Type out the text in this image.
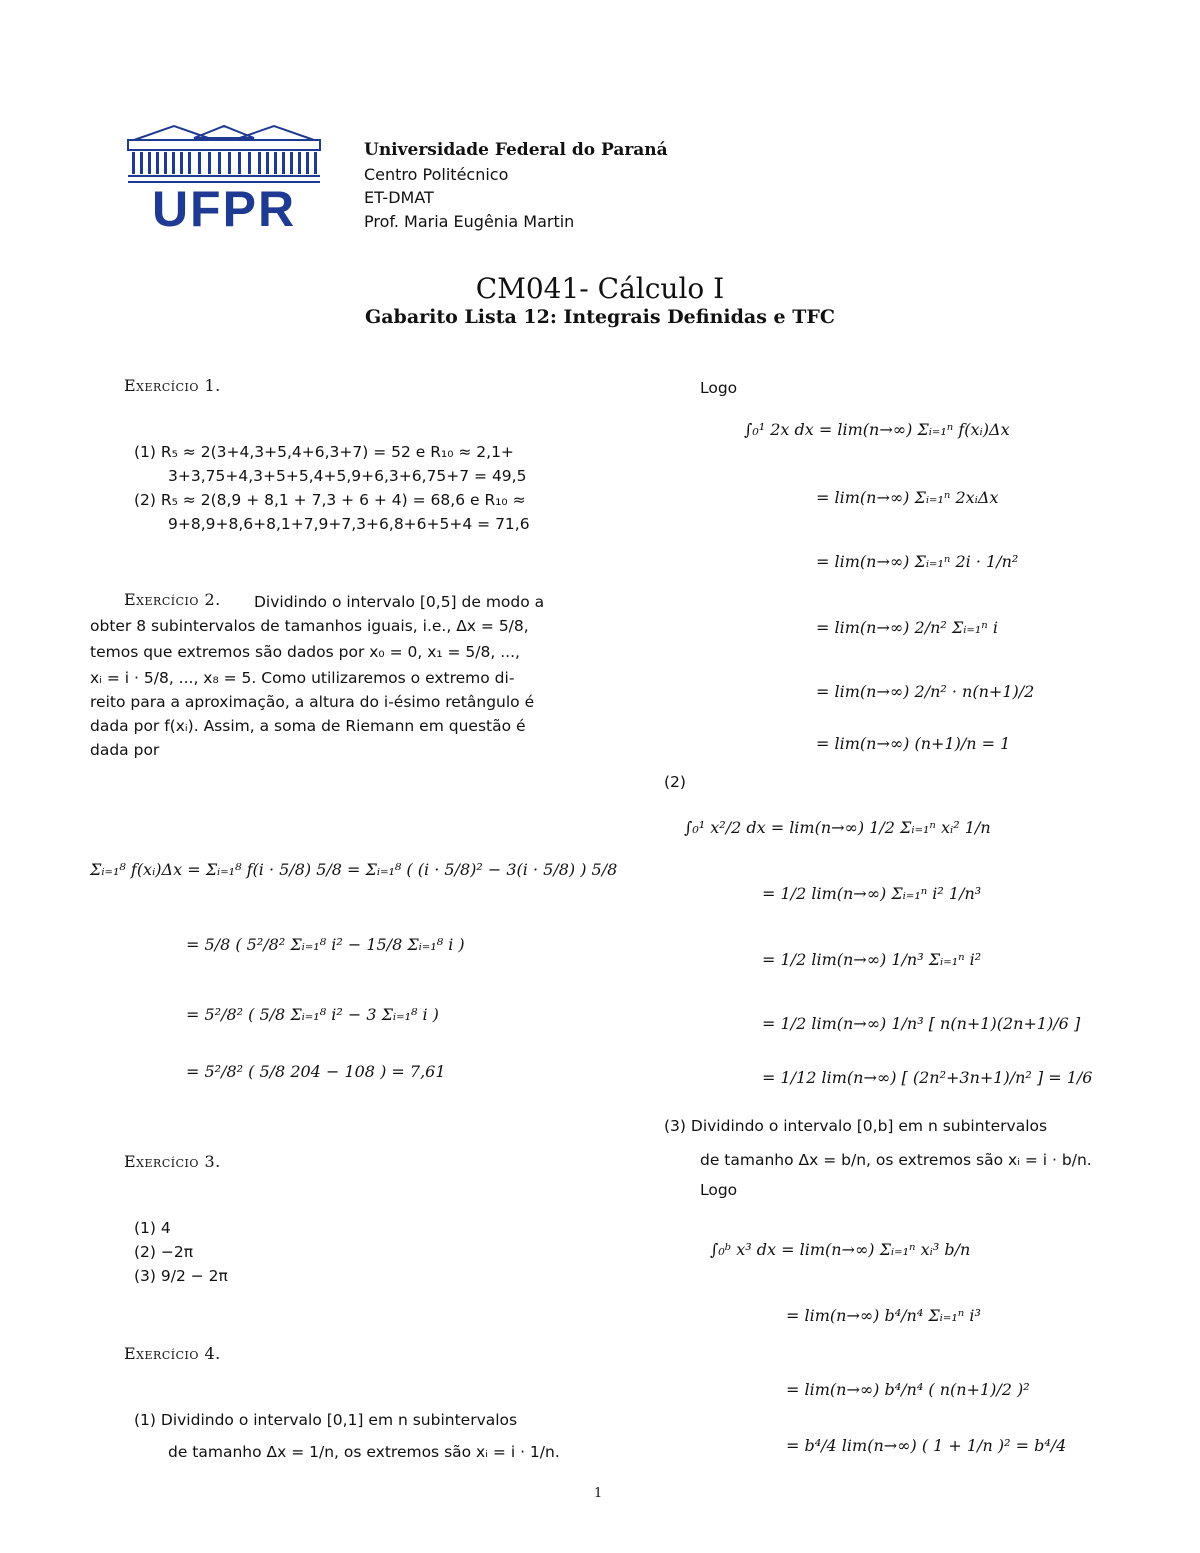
UFPR
Universidade Federal do Paraná
Centro Politécnico
ET-DMAT
Prof. Maria Eugênia Martin
CM041- Cálculo I
Gabarito Lista 12: Integrais Definidas e TFC
Exercício 1.
(1) R₅ ≈ 2(3+4,3+5,4+6,3+7) = 52 e R₁₀ ≈ 2,1+
3+3,75+4,3+5+5,4+5,9+6,3+6,75+7 = 49,5
(2) R₅ ≈ 2(8,9 + 8,1 + 7,3 + 6 + 4) = 68,6 e R₁₀ ≈
9+8,9+8,6+8,1+7,9+7,3+6,8+6+5+4 = 71,6
Exercício 2. Dividindo o intervalo [0,5] de modo a
obter 8 subintervalos de tamanhos iguais, i.e., Δx = 5/8,
temos que extremos são dados por x₀ = 0, x₁ = 5/8, ...,
xᵢ = i · 5/8, ..., x₈ = 5. Como utilizaremos o extremo di-
reito para a aproximação, a altura do i-ésimo retângulo é
dada por f(xᵢ). Assim, a soma de Riemann em questão é
dada por
Σᵢ₌₁⁸ f(xᵢ)Δx = Σᵢ₌₁⁸ f(i · 5/8) 5/8 = Σᵢ₌₁⁸ ( (i · 5/8)² − 3(i · 5/8) ) 5/8
= 5/8 ( 5²/8² Σᵢ₌₁⁸ i² − 15/8 Σᵢ₌₁⁸ i )
= 5²/8² ( 5/8 Σᵢ₌₁⁸ i² − 3 Σᵢ₌₁⁸ i )
= 5²/8² ( 5/8 204 − 108 ) = 7,61
Exercício 3.
(1) 4
(2) −2π
(3) 9/2 − 2π
Exercício 4.
(1) Dividindo o intervalo [0,1] em n subintervalos
de tamanho Δx = 1/n, os extremos são xᵢ = i · 1/n.
Logo
∫₀¹ 2x dx = lim(n→∞) Σᵢ₌₁ⁿ f(xᵢ)Δx
= lim(n→∞) Σᵢ₌₁ⁿ 2xᵢΔx
= lim(n→∞) Σᵢ₌₁ⁿ 2i · 1/n²
= lim(n→∞) 2/n² Σᵢ₌₁ⁿ i
= lim(n→∞) 2/n² · n(n+1)/2
= lim(n→∞) (n+1)/n = 1
(2)
∫₀¹ x²/2 dx = lim(n→∞) 1/2 Σᵢ₌₁ⁿ xᵢ² 1/n
= 1/2 lim(n→∞) Σᵢ₌₁ⁿ i² 1/n³
= 1/2 lim(n→∞) 1/n³ Σᵢ₌₁ⁿ i²
= 1/2 lim(n→∞) 1/n³ [ n(n+1)(2n+1)/6 ]
= 1/12 lim(n→∞) [ (2n²+3n+1)/n² ] = 1/6
(3) Dividindo o intervalo [0,b] em n subintervalos
de tamanho Δx = b/n, os extremos são xᵢ = i · b/n.
Logo
∫₀ᵇ x³ dx = lim(n→∞) Σᵢ₌₁ⁿ xᵢ³ b/n
= lim(n→∞) b⁴/n⁴ Σᵢ₌₁ⁿ i³
= lim(n→∞) b⁴/n⁴ ( n(n+1)/2 )²
= b⁴/4 lim(n→∞) ( 1 + 1/n )² = b⁴/4
1
